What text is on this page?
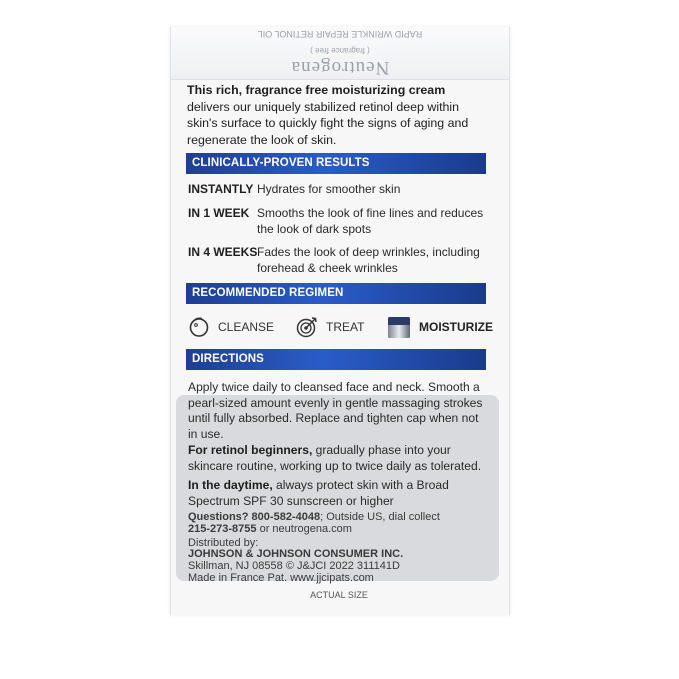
Neutrogena
( fragrance free )
RAPID WRINKLE REPAIR RETINOL OIL
This rich, fragrance free moisturizing cream delivers our uniquely stabilized retinol deep within skin's surface to quickly fight the signs of aging and regenerate the look of skin.
CLINICALLY-PROVEN RESULTS
INSTANTLY Hydrates for smoother skin
IN 1 WEEK Smooths the look of fine lines and reduces the look of dark spots
IN 4 WEEKS Fades the look of deep wrinkles, including forehead & cheek wrinkles
RECOMMENDED REGIMEN
CLEANSE	TREAT	MOISTURIZE
DIRECTIONS
Apply twice daily to cleansed face and neck. Smooth a pearl-sized amount evenly in gentle massaging strokes until fully absorbed. Replace and tighten cap when not in use.
For retinol beginners, gradually phase into your skincare routine, working up to twice daily as tolerated.
In the daytime, always protect skin with a Broad Spectrum SPF 30 sunscreen or higher
Questions? 800-582-4048; Outside US, dial collect
215-273-8755 or neutrogena.com
Distributed by:
JOHNSON & JOHNSON CONSUMER INC.
Skillman, NJ 08558 © J&JCI 2022 311141D
Made in France Pat. www.jjcipats.com
ACTUAL SIZE
